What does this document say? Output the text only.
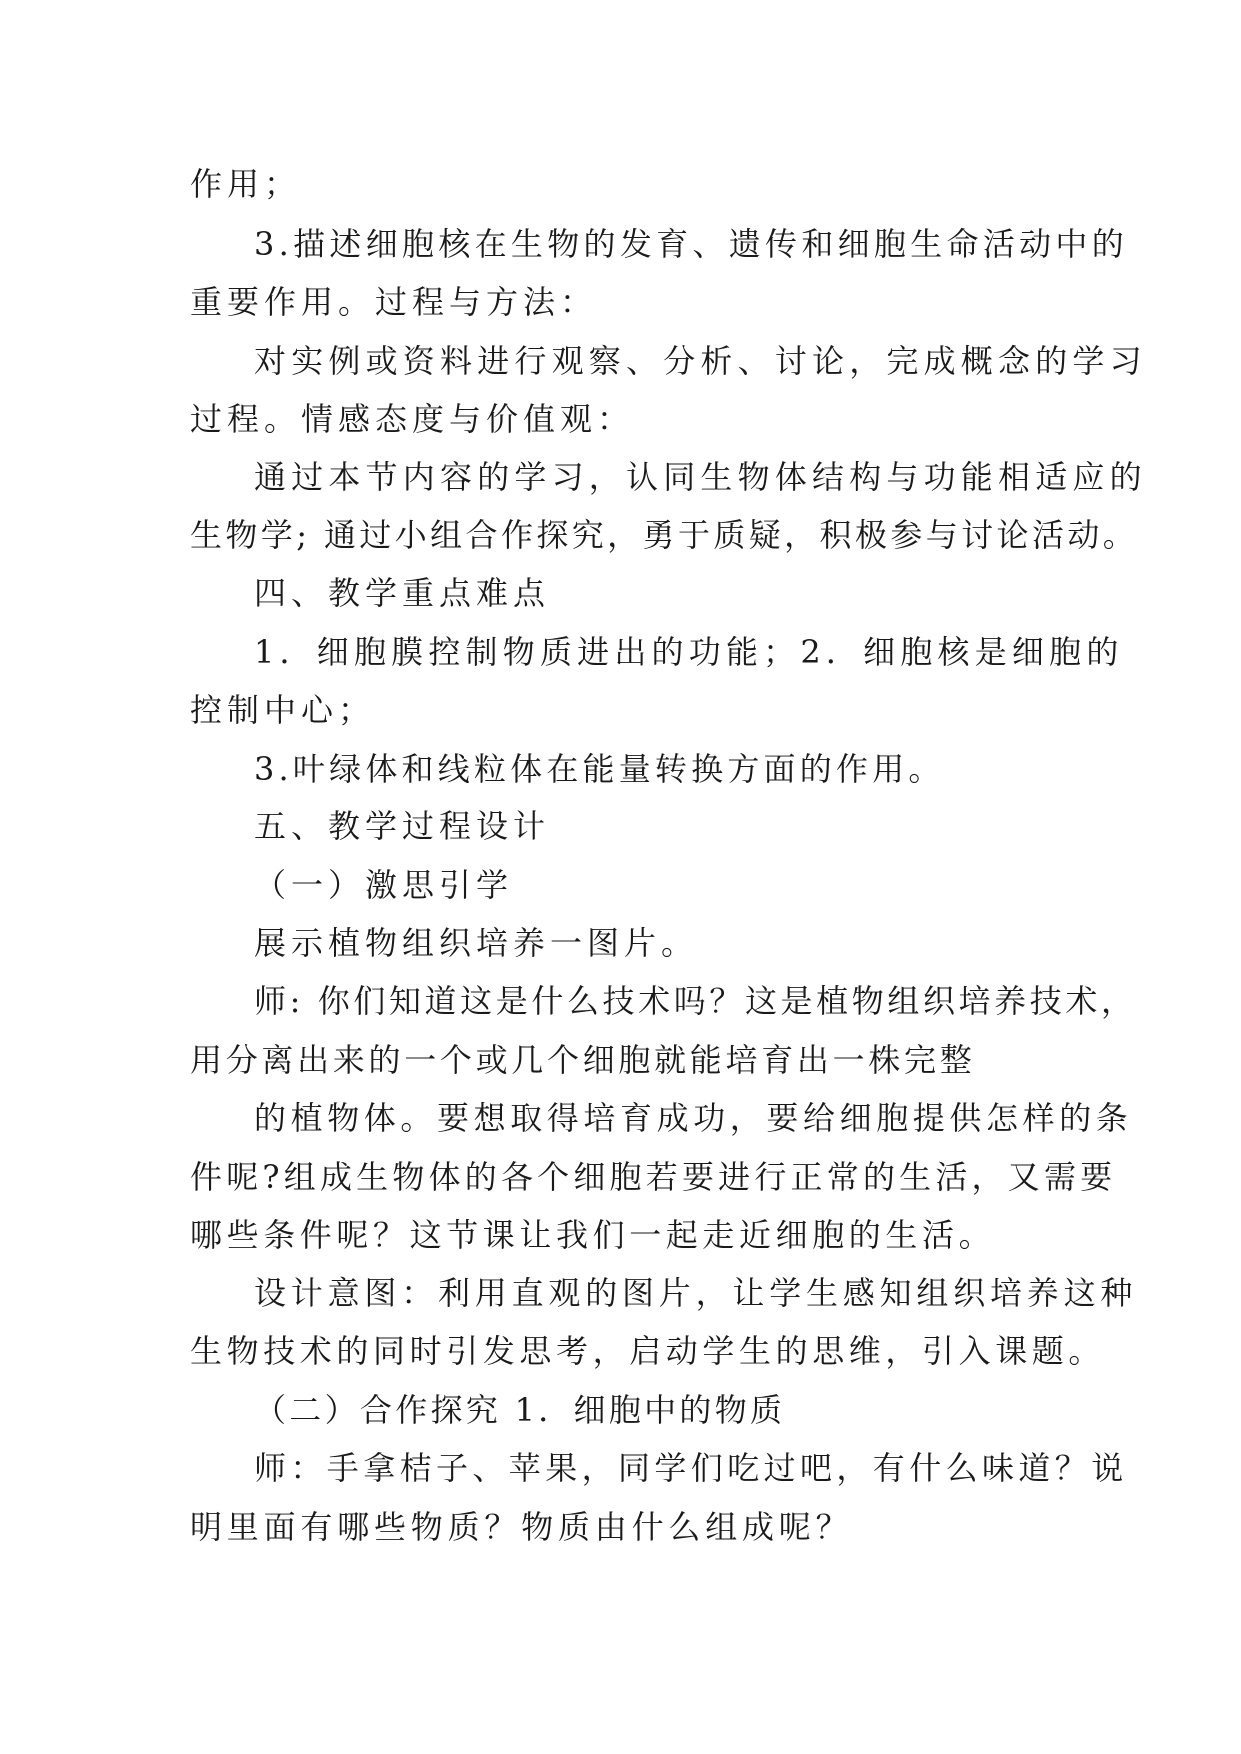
作用；
3.描述细胞核在生物的发育、遗传和细胞生命活动中的
重要作用。过程与方法：
对实例或资料进行观察、分析、讨论，完成概念的学习
过程。情感态度与价值观：
通过本节内容的学习，认同生物体结构与功能相适应的
生物学; 通过小组合作探究，勇于质疑，积极参与讨论活动。
四、教学重点难点
1．细胞膜控制物质进出的功能；2．细胞核是细胞的
控制中心；
3.叶绿体和线粒体在能量转换方面的作用。
五、教学过程设计
（一）激思引学
展示植物组织培养一图片。
师: 你们知道这是什么技术吗？这是植物组织培养技术，
用分离出来的一个或几个细胞就能培育出一株完整
的植物体。要想取得培育成功，要给细胞提供怎样的条
件呢?组成生物体的各个细胞若要进行正常的生活，又需要
哪些条件呢？这节课让我们一起走近细胞的生活。
设计意图：利用直观的图片，让学生感知组织培养这种
生物技术的同时引发思考，启动学生的思维，引入课题。
（二）合作探究 1．细胞中的物质
师：手拿桔子、苹果，同学们吃过吧，有什么味道？说
明里面有哪些物质？物质由什么组成呢？
